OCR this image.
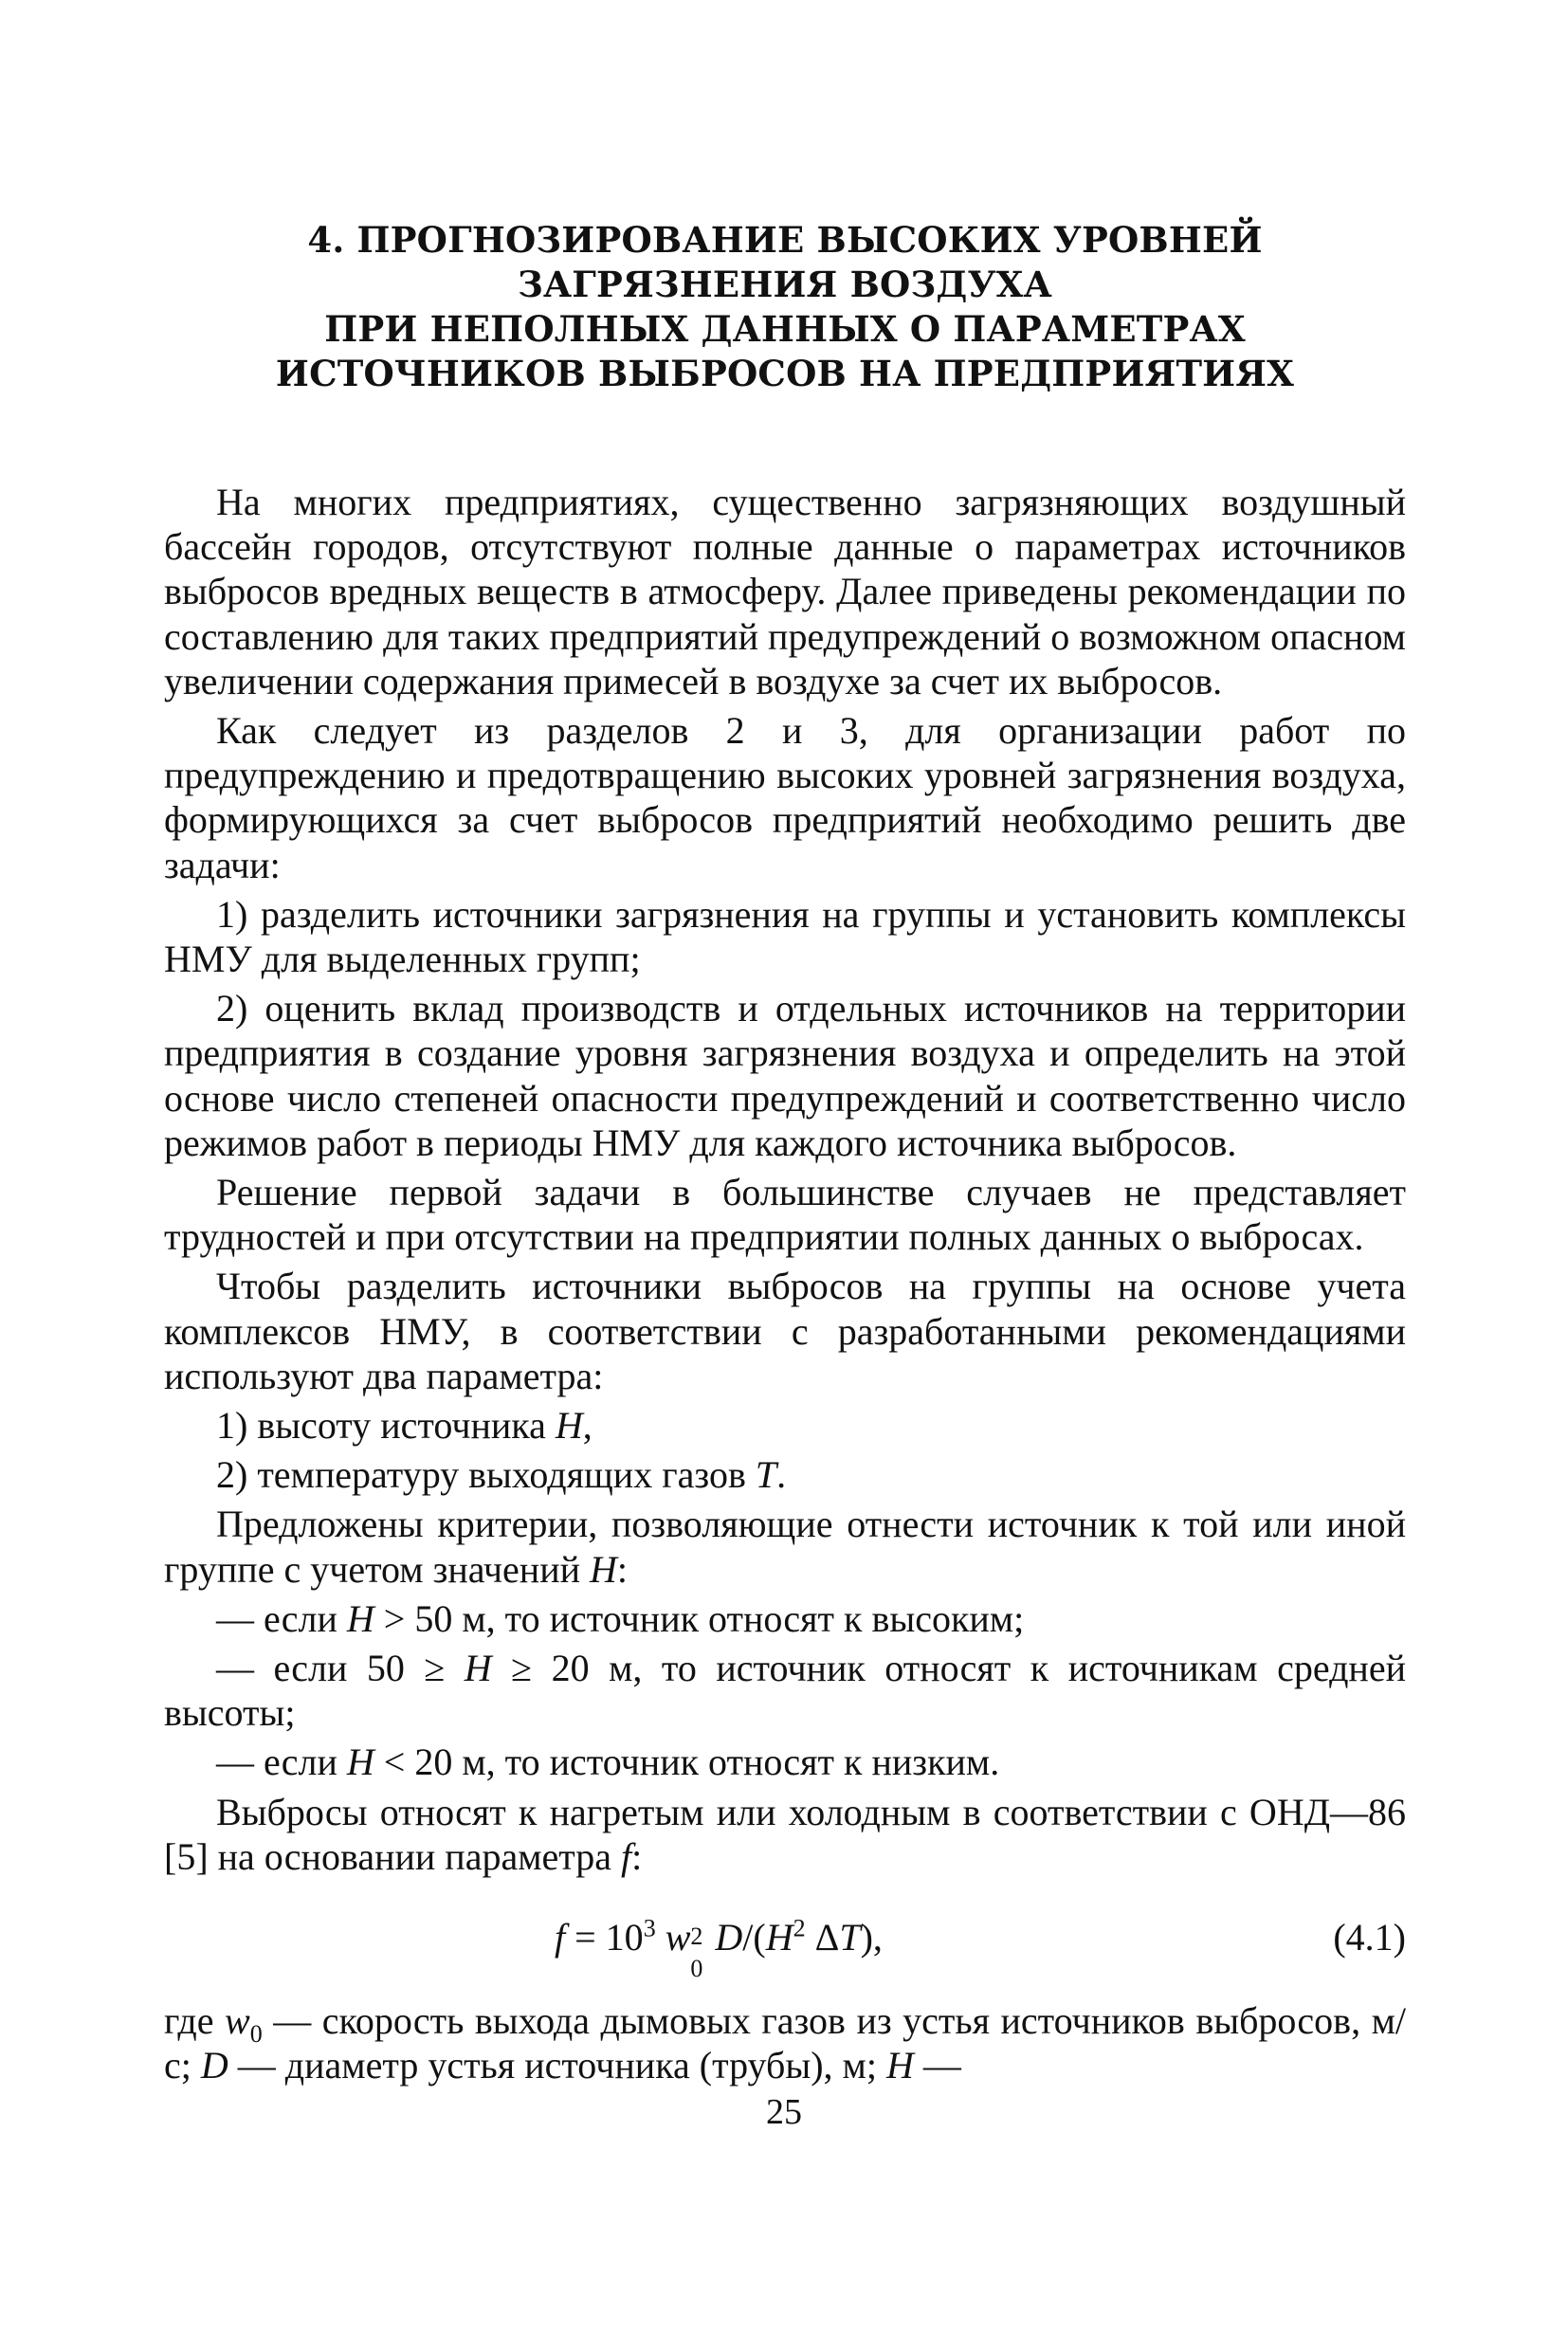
4. ПРОГНОЗИРОВАНИЕ ВЫСОКИХ УРОВНЕЙ
ЗАГРЯЗНЕНИЯ ВОЗДУХА
ПРИ НЕПОЛНЫХ ДАННЫХ О ПАРАМЕТРАХ
ИСТОЧНИКОВ ВЫБРОСОВ НА ПРЕДПРИЯТИЯХ

На многих предприятиях, существенно загрязняющих воздушный бассейн городов, отсутствуют полные данные о параметрах источников выбросов вредных веществ в атмосферу. Далее приведены рекомендации по составлению для таких предприятий предупреждений о возможном опасном увеличении содержания примесей в воздухе за счет их выбросов.

Как следует из разделов 2 и 3, для организации работ по предупреждению и предотвращению высоких уровней загрязнения воздуха, формирующихся за счет выбросов предприятий необходимо решить две задачи:

1) разделить источники загрязнения на группы и установить комплексы НМУ для выделенных групп;

2) оценить вклад производств и отдельных источников на территории предприятия в создание уровня загрязнения воздуха и определить на этой основе число степеней опасности предупреждений и соответственно число режимов работ в периоды НМУ для каждого источника выбросов.

Решение первой задачи в большинстве случаев не представляет трудностей и при отсутствии на предприятии полных данных о выбросах.

Чтобы разделить источники выбросов на группы на основе учета комплексов НМУ, в соответствии с разработанными рекомендациями используют два параметра:

1) высоту источника H,

2) температуру выходящих газов T.

Предложены критерии, позволяющие отнести источник к той или иной группе с учетом значений H:

— если H > 50 м, то источник относят к высоким;

— если 50 ≥ H ≥ 20 м, то источник относят к источникам средней высоты;

— если H < 20 м, то источник относят к низким.

Выбросы относят к нагретым или холодным в соответствии с ОНД—86 [5] на основании параметра f:

$f = 10^3$ w 2
0
$D/(H^2$ ΔT),	(4.1)

где $w_0$ — скорость выхода дымовых газов из устья источников выбросов, м/с; D — диаметр устья источника (трубы), м; H —

25
